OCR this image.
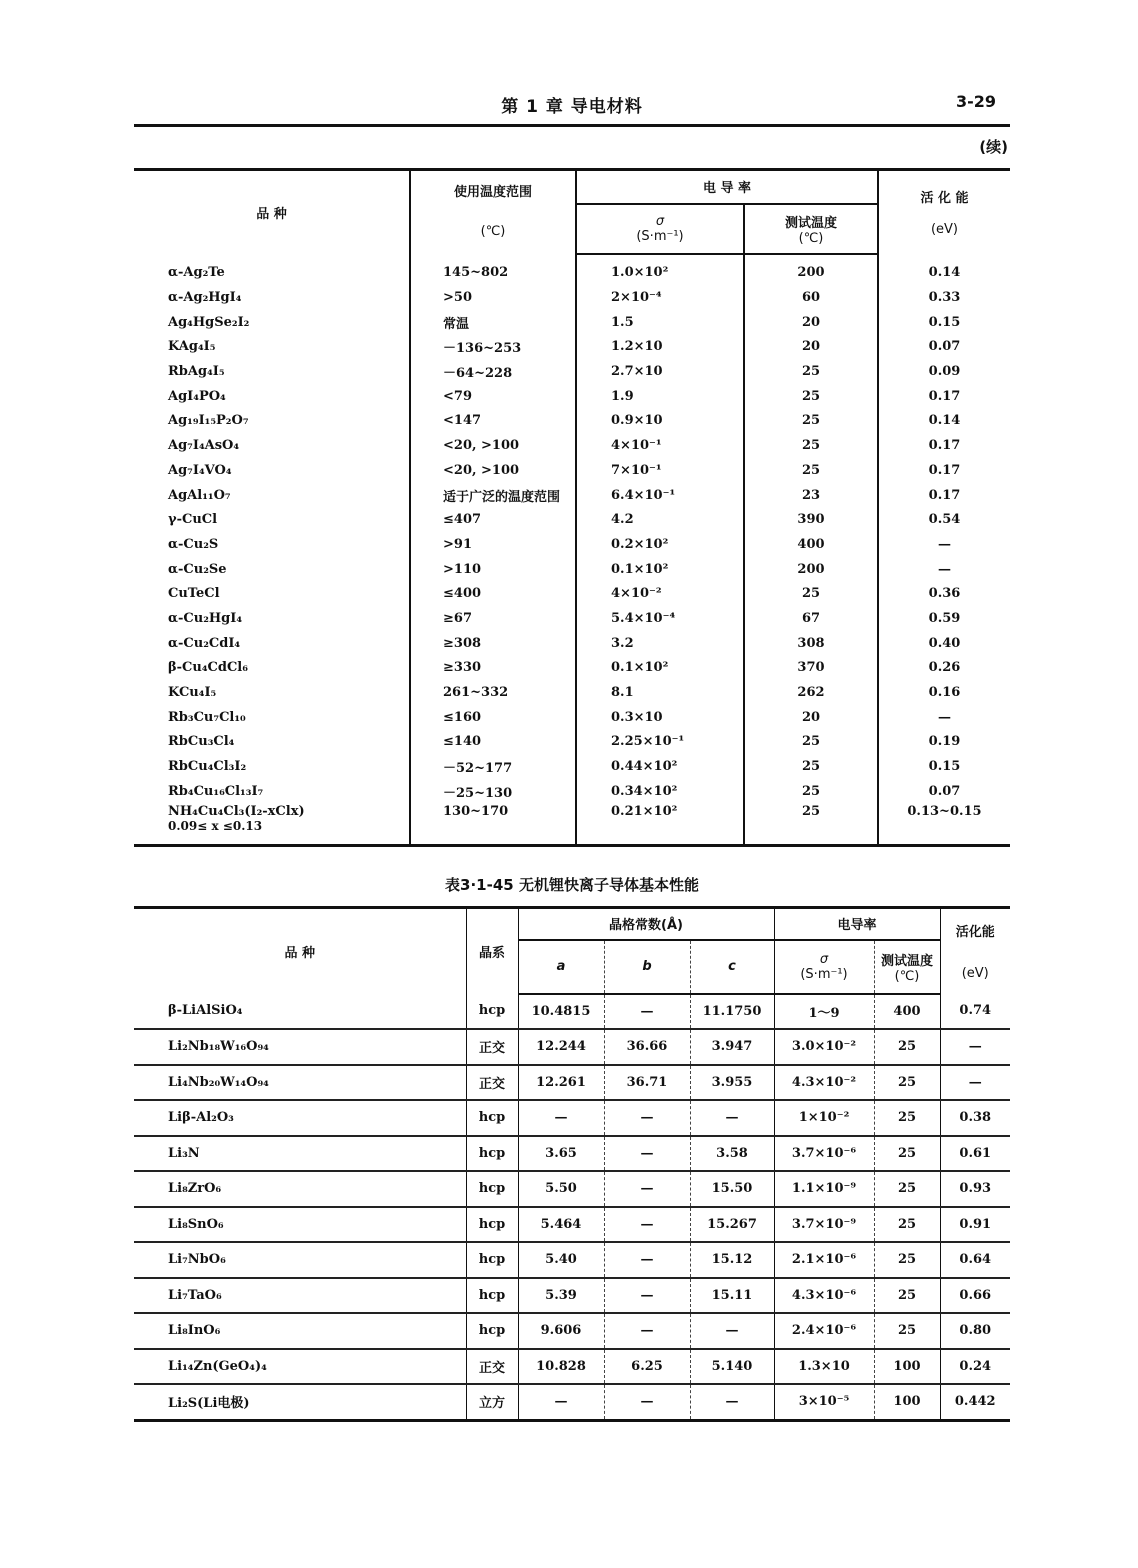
第 1 章 导电材料	3-29
(续)
品 种	
使用温度范围
(℃)
	电 导 率	
活 化 能
(eV)

σ
(S·m⁻¹)

测试温度
(℃)

α-Ag₂Te	145~802	1.0×10²	200	0.14
α-Ag₂HgI₄	>50	2×10⁻⁴	60	0.33
Ag₄HgSe₂I₂	常温	1.5	20	0.15
KAg₄I₅	－136~253	1.2×10	20	0.07
RbAg₄I₅	－64~228	2.7×10	25	0.09
AgI₄PO₄	<79	1.9	25	0.17
Ag₁₉I₁₅P₂O₇	<147	0.9×10	25	0.14
Ag₇I₄AsO₄	<20, >100	4×10⁻¹	25	0.17
Ag₇I₄VO₄	<20, >100	7×10⁻¹	25	0.17
AgAl₁₁O₇	适于广泛的温度范围	6.4×10⁻¹	23	0.17
γ-CuCl	≤407	4.2	390	0.54
α-Cu₂S	>91	0.2×10²	400	—
α-Cu₂Se	>110	0.1×10²	200	—
CuTeCl	≤400	4×10⁻²	25	0.36
α-Cu₂HgI₄	≥67	5.4×10⁻⁴	67	0.59
α-Cu₂CdI₄	≥308	3.2	308	0.40
β-Cu₄CdCl₆	≥330	0.1×10²	370	0.26
KCu₄I₅	261~332	8.1	262	0.16
Rb₃Cu₇Cl₁₀	≤160	0.3×10	20	—
RbCu₃Cl₄	≤140	2.25×10⁻¹	25	0.19
RbCu₄Cl₃I₂	－52~177	0.44×10²	25	0.15
Rb₄Cu₁₆Cl₁₃I₇	－25~130	0.34×10²	25	0.07
NH₄Cu₄Cl₃(I₂-xClx)
0.09≤ x ≤0.13	130~170	0.21×10²	25	0.13~0.15
表3·1-45 无机锂快离子导体基本性能
品 种	晶系	晶格常数(Å)			电导率		活化能
(eV)

a	b	c	σ
(S·m⁻¹)

测试温度
(℃)

β-LiAlSiO₄	hcp	10.4815	—	11.1750	1～9	400	0.74
Li₂Nb₁₈W₁₆O₉₄	正交	12.244	36.66	3.947	3.0×10⁻²	25	—
Li₄Nb₂₀W₁₄O₉₄	正交	12.261	36.71	3.955	4.3×10⁻²	25	—
Liβ-Al₂O₃	hcp	—	—	—	1×10⁻²	25	0.38
Li₃N	hcp	3.65	—	3.58	3.7×10⁻⁶	25	0.61
Li₈ZrO₆	hcp	5.50	—	15.50	1.1×10⁻⁹	25	0.93
Li₈SnO₆	hcp	5.464	—	15.267	3.7×10⁻⁹	25	0.91
Li₇NbO₆	hcp	5.40	—	15.12	2.1×10⁻⁶	25	0.64
Li₇TaO₆	hcp	5.39	—	15.11	4.3×10⁻⁶	25	0.66
Li₈InO₆	hcp	9.606	—	—	2.4×10⁻⁶	25	0.80
Li₁₄Zn(GeO₄)₄	正交	10.828	6.25	5.140	1.3×10	100	0.24
Li₂S(Li电极)	立方	—	—	—	3×10⁻⁵	100	0.442
